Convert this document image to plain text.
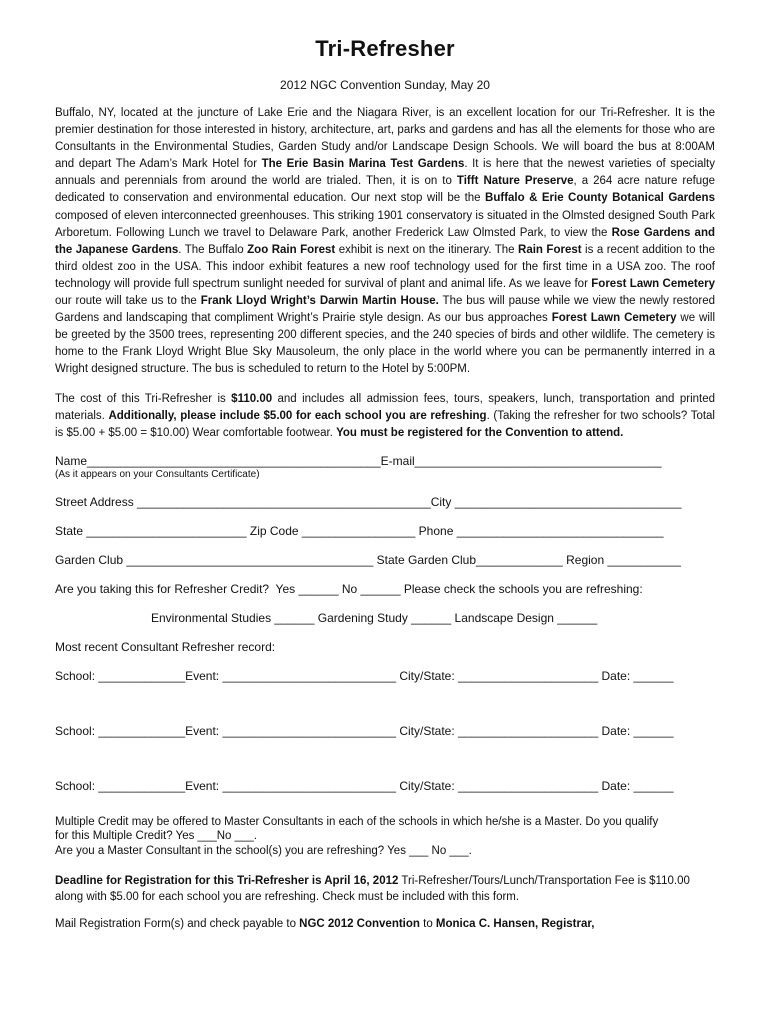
Tri-Refresher
2012 NGC Convention Sunday, May 20

Buffalo, NY, located at the juncture of Lake Erie and the Niagara River, is an excellent location for our Tri-Refresher. It is the premier destination for those interested in history, architecture, art, parks and gardens and has all the elements for those who are Consultants in the Environmental Studies, Garden Study and/or Landscape Design Schools. We will board the bus at 8:00AM and depart The Adam’s Mark Hotel for The Erie Basin Marina Test Gardens. It is here that the newest varieties of specialty annuals and perennials from around the world are trialed. Then, it is on to Tifft Nature Preserve, a 264 acre nature refuge dedicated to conservation and environmental education. Our next stop will be the Buffalo & Erie County Botanical Gardens composed of eleven interconnected greenhouses. This striking 1901 conservatory is situated in the Olmsted designed South Park Arboretum. Following Lunch we travel to Delaware Park, another Frederick Law Olmsted Park, to view the Rose Gardens and the Japanese Gardens. The Buffalo Zoo Rain Forest exhibit is next on the itinerary. The Rain Forest is a recent addition to the third oldest zoo in the USA. This indoor exhibit features a new roof technology used for the first time in a USA zoo. The roof technology will provide full spectrum sunlight needed for survival of plant and animal life. As we leave for Forest Lawn Cemetery our route will take us to the Frank Lloyd Wright’s Darwin Martin House. The bus will pause while we view the newly restored Gardens and landscaping that compliment Wright’s Prairie style design. As our bus approaches Forest Lawn Cemetery we will be greeted by the 3500 trees, representing 200 different species, and the 240 species of birds and other wildlife. The cemetery is home to the Frank Lloyd Wright Blue Sky Mausoleum, the only place in the world where you can be permanently interred in a Wright designed structure. The bus is scheduled to return to the Hotel by 5:00PM.

The cost of this Tri-Refresher is $110.00 and includes all admission fees, tours, speakers, lunch, transportation and printed materials. Additionally, please include $5.00 for each school you are refreshing. (Taking the refresher for two schools? Total is $5.00 + $5.00 = $10.00) Wear comfortable footwear. You must be registered for the Convention to attend.

Name____________________________________________E-mail_____________________________________
(As it appears on your Consultants Certificate)
Street Address ____________________________________________City __________________________________
State ________________________ Zip Code _________________ Phone _______________________________
Garden Club _____________________________________ State Garden Club_____________ Region ___________
Are you taking this for Refresher Credit?  Yes ______ No ______ Please check the schools you are refreshing:
Environmental Studies ______ Gardening Study ______ Landscape Design ______
Most recent Consultant Refresher record:
School: _____________Event: __________________________ City/State: _____________________ Date: ______
School: _____________Event: __________________________ City/State: _____________________ Date: ______
School: _____________Event: __________________________ City/State: _____________________ Date: ______
Multiple Credit may be offered to Master Consultants in each of the schools in which he/she is a Master. Do you qualify
for this Multiple Credit? Yes ___No ___.
Are you a Master Consultant in the school(s) you are refreshing? Yes ___ No ___.

Deadline for Registration for this Tri-Refresher is April 16, 2012 Tri-Refresher/Tours/Lunch/Transportation Fee is $110.00 along with $5.00 for each school you are refreshing. Check must be included with this form.

Mail Registration Form(s) and check payable to NGC 2012 Convention to Monica C. Hansen, Registrar,
